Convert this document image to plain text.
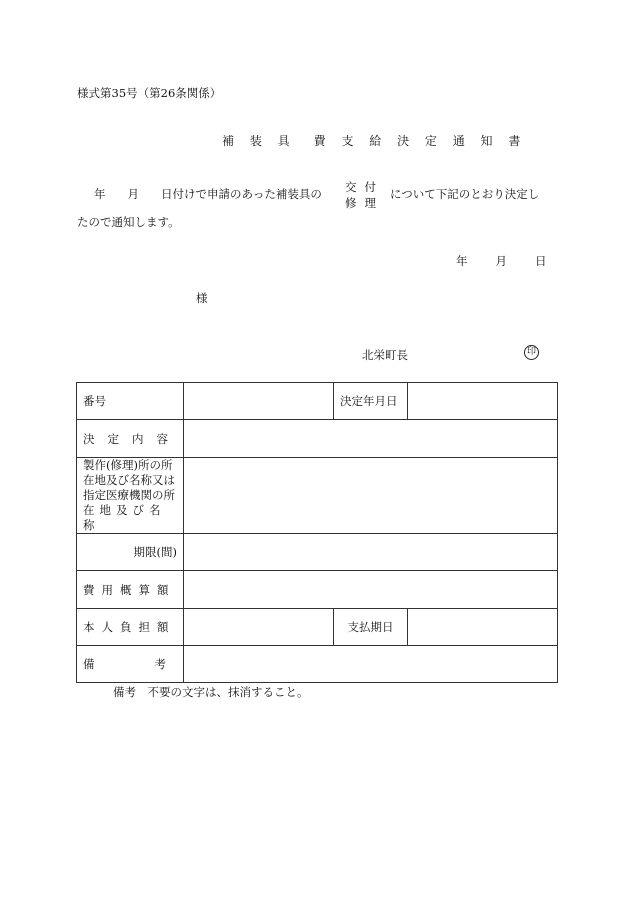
様式第35号（第26条関係）
補 装 具　費 支 給 決 定 通 知 書
年 月 日付けで申請のあった補装具の 交付
修理
について下記のとおり決定し
たので通知します。
年 月 日
様
北栄町長	印
番号		決定年月日	
決定内容			

製作(修理)所の所
在地及び名称又は
指定医療機関の所
在地及び名称			

期限(間)			
費用概算額			
本人負担額		支払期日	
備考			
備考　不要の文字は、抹消すること。
